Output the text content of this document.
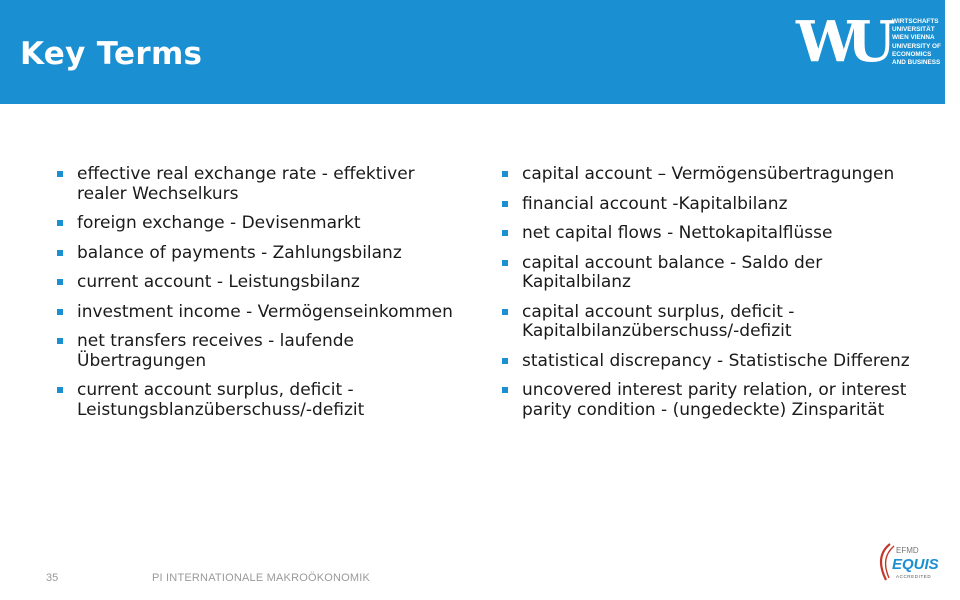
Key Terms	WU WIRTSCHAFTS
UNIVERSITÄT
WIEN VIENNA
UNIVERSITY OF
ECONOMICS
AND BUSINESS
effective real exchange rate - effektiver realer Wechselkurs
foreign exchange - Devisenmarkt
balance of payments - Zahlungsbilanz
current account - Leistungsbilanz
investment income - Vermögenseinkommen
net transfers receives - laufende Übertragungen
current account surplus, deficit - Leistungsblanzüberschuss/-defizit
capital account – Vermögensübertragungen
financial account -Kapitalbilanz
net capital flows - Nettokapitalflüsse
capital account balance - Saldo der Kapitalbilanz
capital account surplus, deficit - Kapitalbilanzüberschuss/-defizit
statistical discrepancy - Statistische Differenz
uncovered interest parity relation, or interest parity condition - (ungedeckte) Zinsparität
35	PI INTERNATIONALE MAKROÖKONOMIK
EFMD
EQUIS
ACCREDITED
